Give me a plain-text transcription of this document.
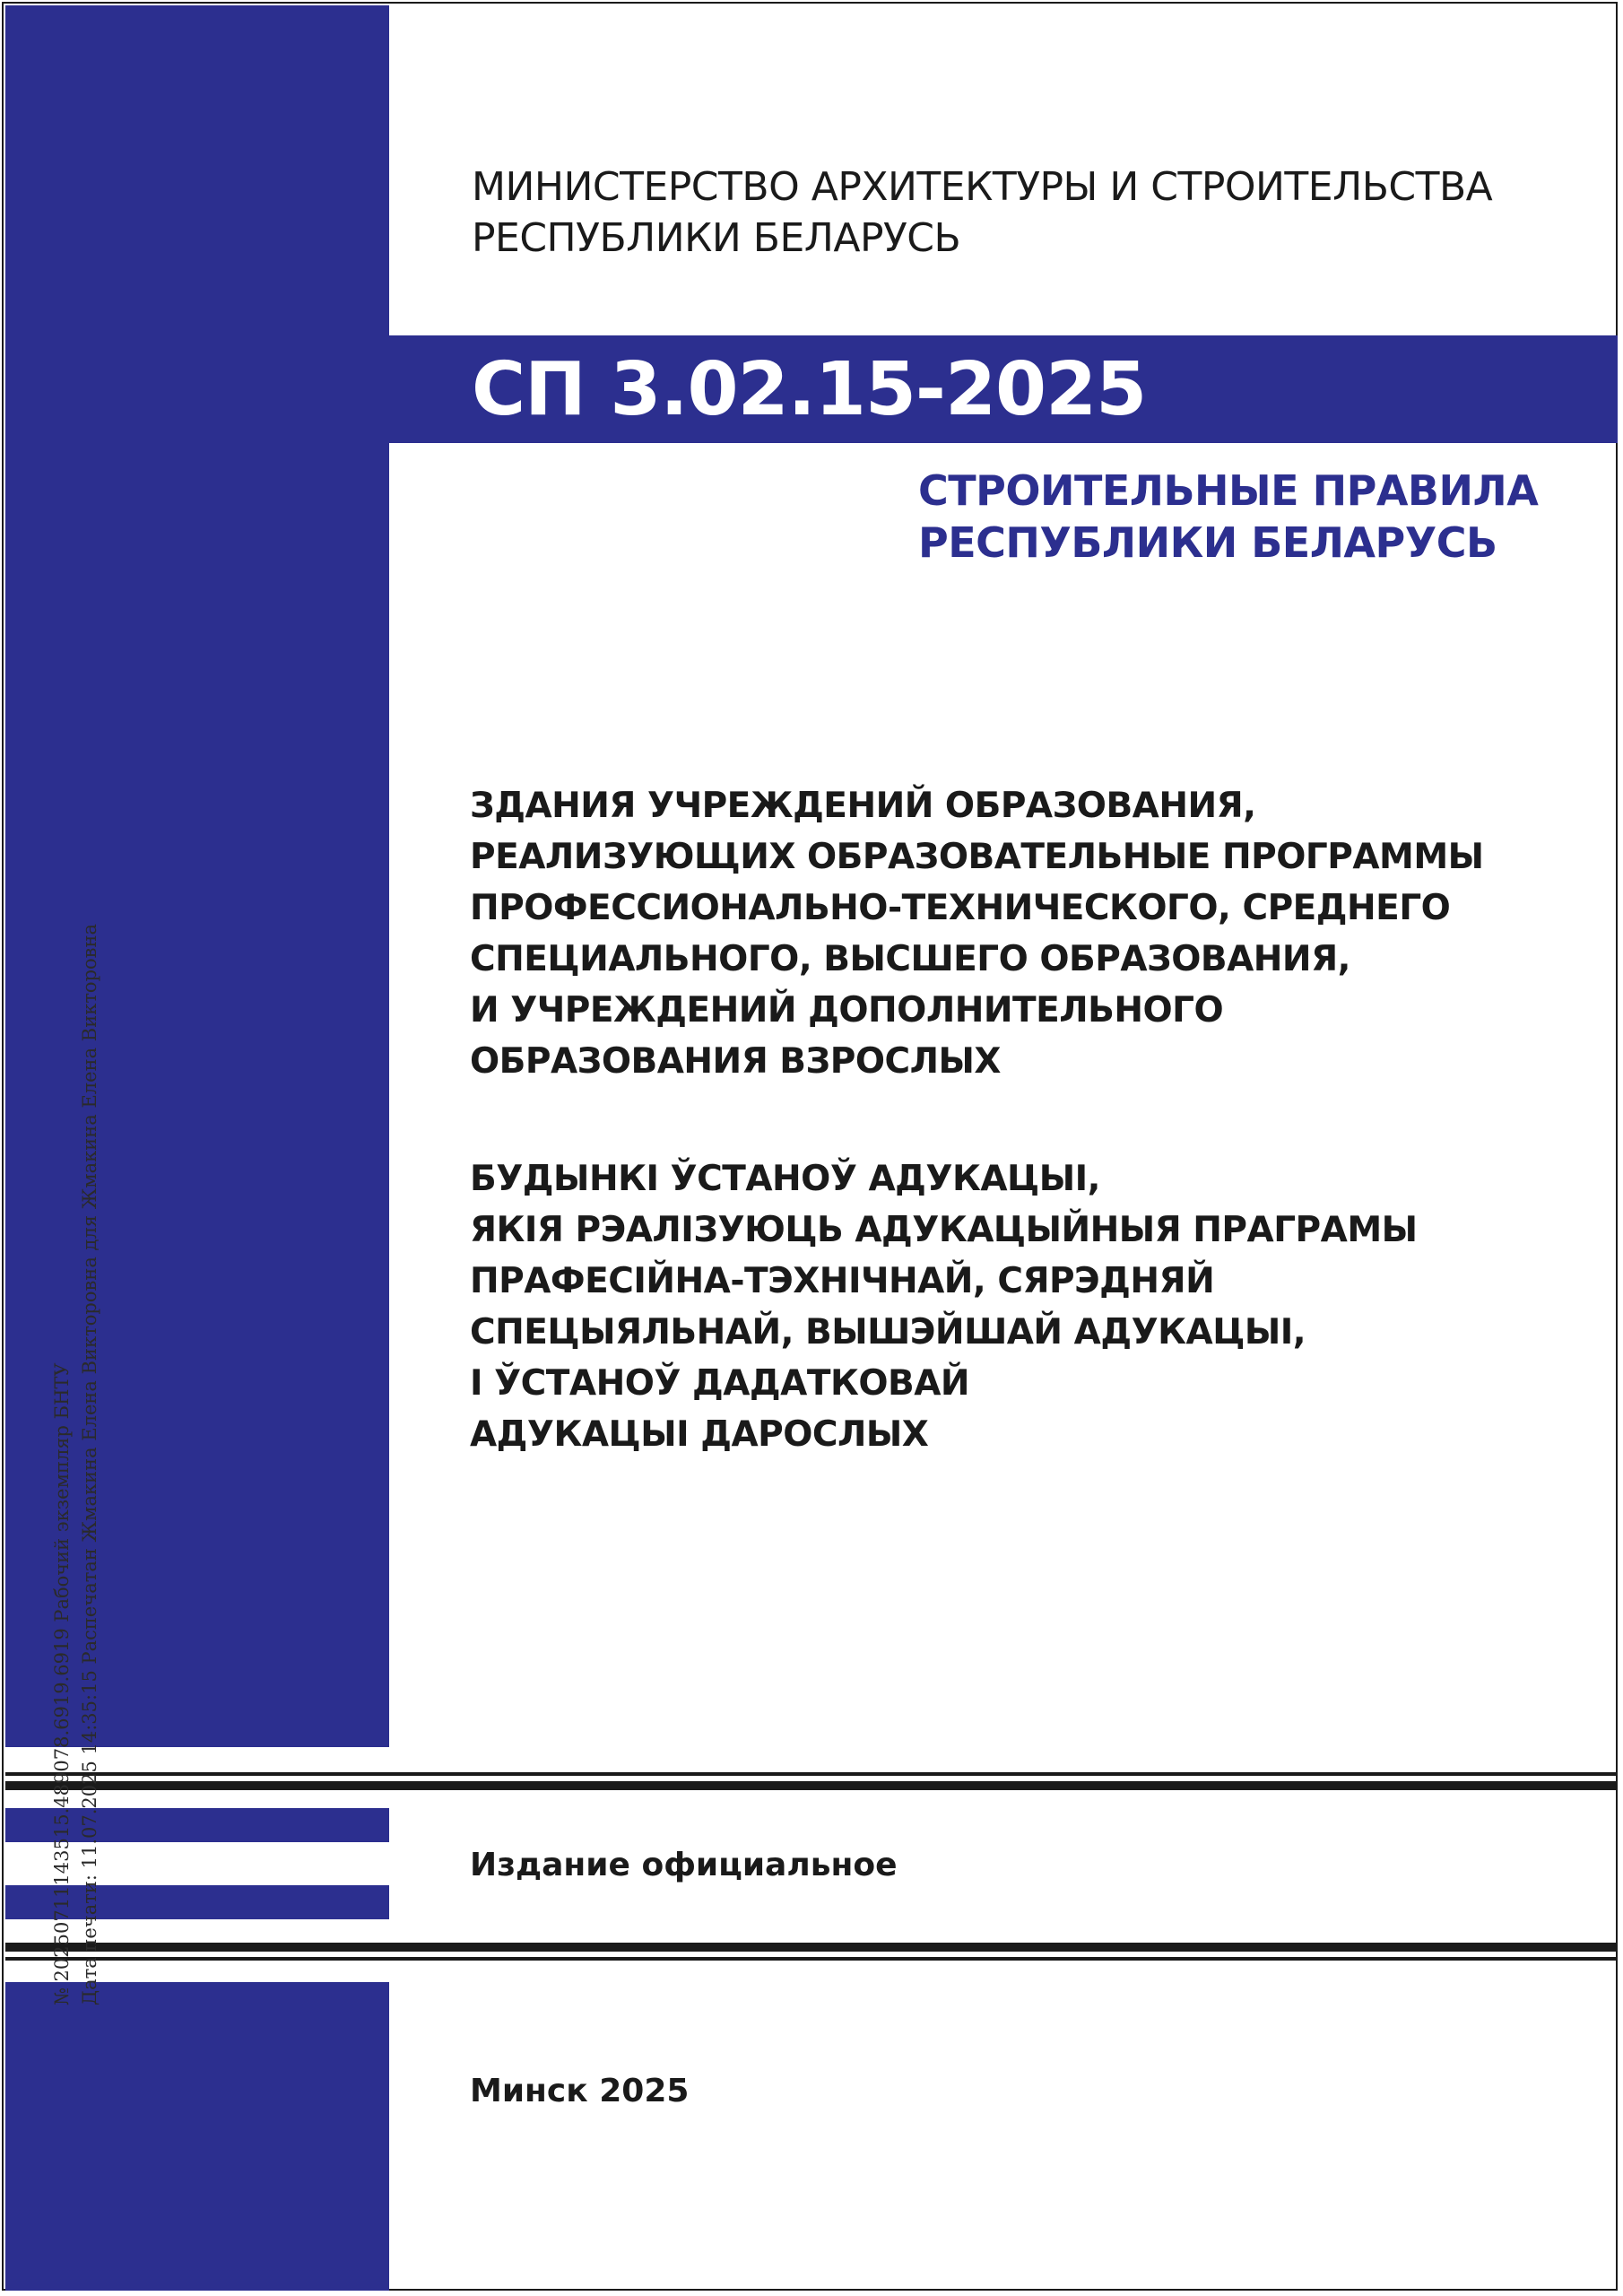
МИНИСТЕРСТВО АРХИТЕКТУРЫ И СТРОИТЕЛЬСТВА
РЕСПУБЛИКИ БЕЛАРУСЬ
СП 3.02.15-2025
СТРОИТЕЛЬНЫЕ ПРАВИЛА
РЕСПУБЛИКИ БЕЛАРУСЬ
ЗДАНИЯ УЧРЕЖДЕНИЙ ОБРАЗОВАНИЯ,
РЕАЛИЗУЮЩИХ ОБРАЗОВАТЕЛЬНЫЕ ПРОГРАММЫ
ПРОФЕССИОНАЛЬНО-ТЕХНИЧЕСКОГО, СРЕДНЕГО
СПЕЦИАЛЬНОГО, ВЫСШЕГО ОБРАЗОВАНИЯ,
И УЧРЕЖДЕНИЙ ДОПОЛНИТЕЛЬНОГО
ОБРАЗОВАНИЯ ВЗРОСЛЫХ
БУДЫНКІ ЎСТАНОЎ АДУКАЦЫІ,
ЯКІЯ РЭАЛІЗУЮЦЬ АДУКАЦЫЙНЫЯ ПРАГРАМЫ
ПРАФЕСІЙНА-ТЭХНІЧНАЙ, СЯРЭДНЯЙ
СПЕЦЫЯЛЬНАЙ, ВЫШЭЙШАЙ АДУКАЦЫІ,
І ЎСТАНОЎ ДАДАТКОВАЙ
АДУКАЦЫІ ДАРОСЛЫХ
Издание официальное
Минск 2025

№ 20250711143515.489078.6919.6919 Рабочий экземпляр БНТУ Дата печати: 11.07.2025 14:35:15 Распечатан Жмакина Елена Викторовна для Жмакина Елена Викторовна
